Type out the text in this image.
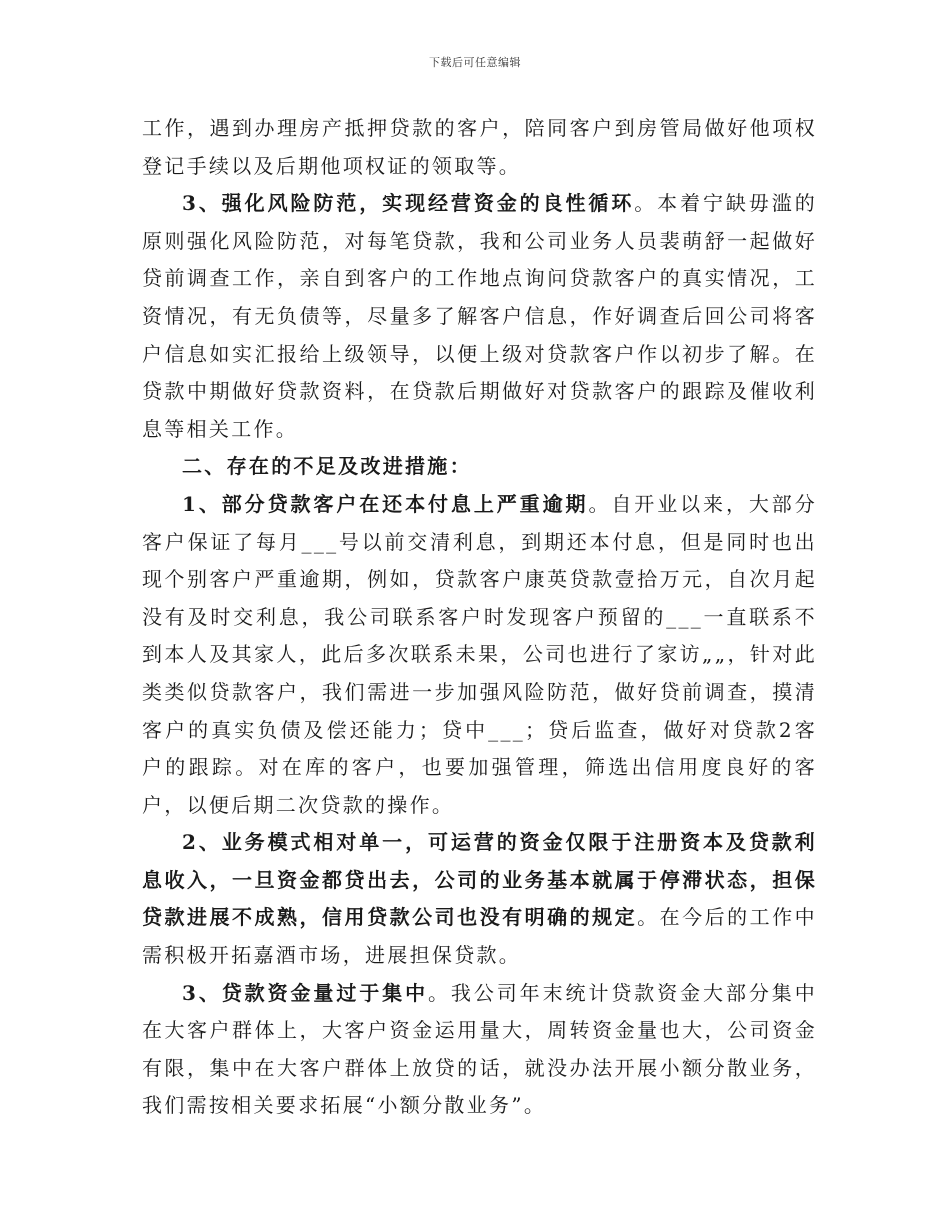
下载后可任意编辑

工作，遇到办理房产抵押贷款的客户，陪同客户到房管局做好他项权登记手续以及后期他项权证的领取等。

3、强化风险防范，实现经营资金的良性循环。本着宁缺毋滥的原则强化风险防范，对每笔贷款，我和公司业务人员裴萌舒一起做好贷前调查工作，亲自到客户的工作地点询问贷款客户的真实情况，工资情况，有无负债等，尽量多了解客户信息，作好调查后回公司将客户信息如实汇报给上级领导，以便上级对贷款客户作以初步了解。在贷款中期做好贷款资料，在贷款后期做好对贷款客户的跟踪及催收利息等相关工作。

二、存在的不足及改进措施：

1、部分贷款客户在还本付息上严重逾期。自开业以来，大部分客户保证了每月___号以前交清利息，到期还本付息，但是同时也出现个别客户严重逾期，例如，贷款客户康英贷款壹拾万元，自次月起没有及时交利息，我公司联系客户时发现客户预留的___一直联系不到本人及其家人，此后多次联系未果，公司也进行了家访„„，针对此类类似贷款客户，我们需进一步加强风险防范，做好贷前调查，摸清客户的真实负债及偿还能力；贷中___；贷后监查，做好对贷款2客户的跟踪。对在库的客户，也要加强管理，筛选出信用度良好的客户，以便后期二次贷款的操作。

2、业务模式相对单一，可运营的资金仅限于注册资本及贷款利息收入，一旦资金都贷出去，公司的业务基本就属于停滞状态，担保贷款进展不成熟，信用贷款公司也没有明确的规定。在今后的工作中需积极开拓嘉酒市场，进展担保贷款。

3、贷款资金量过于集中。我公司年末统计贷款资金大部分集中在大客户群体上，大客户资金运用量大，周转资金量也大，公司资金有限，集中在大客户群体上放贷的话，就没办法开展小额分散业务，我们需按相关要求拓展“小额分散业务”。
